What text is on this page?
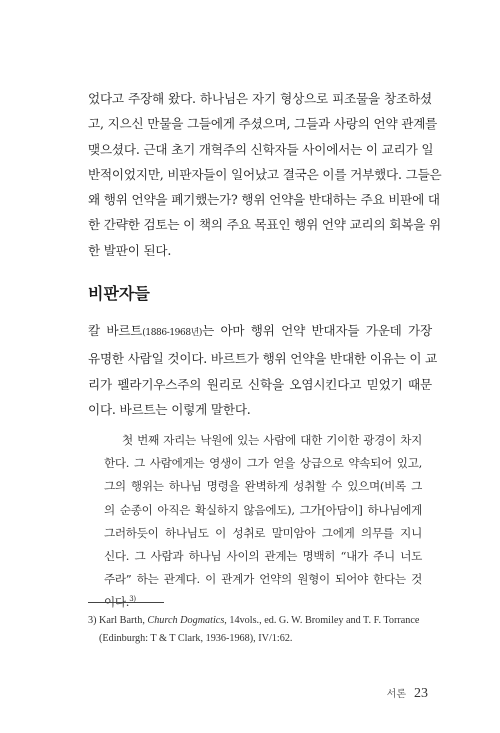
었다고 주장해 왔다. 하나님은 자기 형상으로 피조물을 창조하셨
고, 지으신 만물을 그들에게 주셨으며, 그들과 사랑의 언약 관계를
맺으셨다. 근대 초기 개혁주의 신학자들 사이에서는 이 교리가 일
반적이었지만, 비판자들이 일어났고 결국은 이를 거부했다. 그들은
왜 행위 언약을 폐기했는가? 행위 언약을 반대하는 주요 비판에 대
한 간략한 검토는 이 책의 주요 목표인 행위 언약 교리의 회복을 위
한 발판이 된다.
비판자들
칼 바르트(1886-1968년)는 아마 행위 언약 반대자들 가운데 가장
유명한 사람일 것이다. 바르트가 행위 언약을 반대한 이유는 이 교
리가 펠라기우스주의 원리로 신학을 오염시킨다고 믿었기 때문
이다. 바르트는 이렇게 말한다.
첫 번째 자리는 낙원에 있는 사람에 대한 기이한 광경이 차지
한다. 그 사람에게는 영생이 그가 얻을 상급으로 약속되어 있고,
그의 행위는 하나님 명령을 완벽하게 성취할 수 있으며(비록 그
의 순종이 아직은 확실하지 않음에도), 그가[아담이] 하나님에게
그러하듯이 하나님도 이 성취로 말미암아 그에게 의무를 지니
신다. 그 사람과 하나님 사이의 관계는 명백히 “내가 주니 너도
주라” 하는 관계다. 이 관계가 언약의 원형이 되어야 한다는 것
이다.$^{3)}$
3) Karl Barth, Church Dogmatics, 14vols., ed. G. W. Bromiley and T. F. Torrance
(Edinburgh: T & T Clark, 1936-1968), IV/1:62.
서론 23
